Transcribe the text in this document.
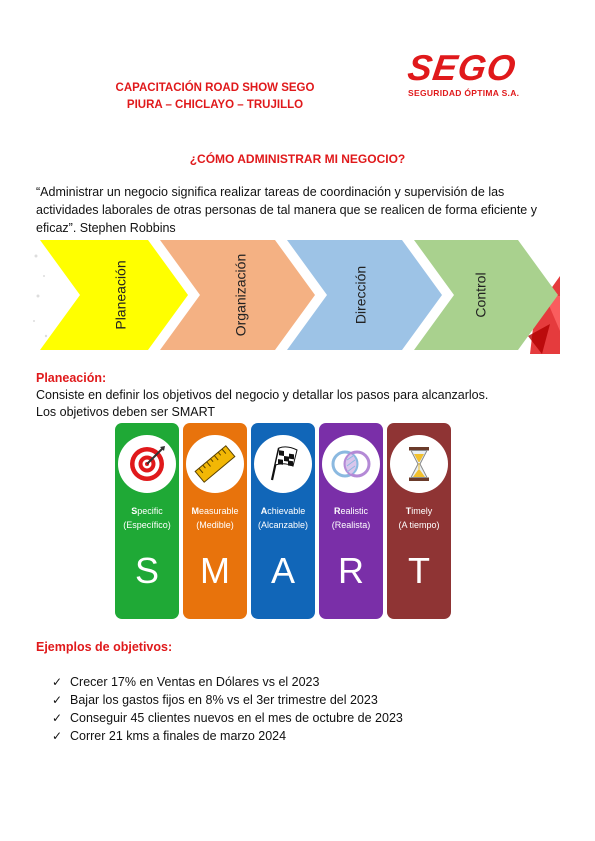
CAPACITACIÓN ROAD SHOW SEGO
PIURA – CHICLAYO – TRUJILLO
SEGO
SEGURIDAD ÓPTIMA S.A.
¿CÓMO ADMINISTRAR MI NEGOCIO?
“Administrar un negocio significa realizar tareas de coordinación y supervisión de las actividades laborales de otras personas de tal manera que se realicen de forma eficiente y eficaz”. Stephen Robbins
Planeación	Organización	Dirección	Control
Planeación:
Consiste en definir los objetivos del negocio y detallar los pasos para alcanzarlos.
Los objetivos deben ser SMART
Specific
(Específico)
S
Measurable
(Medible)
M
Achievable
(Alcanzable)
A
Realistic
(Realista)
R
Timely
(A tiempo)
T
Ejemplos de objetivos:
✓ Crecer 17% en Ventas en Dólares vs el 2023
✓ Bajar los gastos fijos en 8% vs el 3er trimestre del 2023
✓ Conseguir 45 clientes nuevos en el mes de octubre de 2023
✓ Correr 21 kms a finales de marzo 2024
